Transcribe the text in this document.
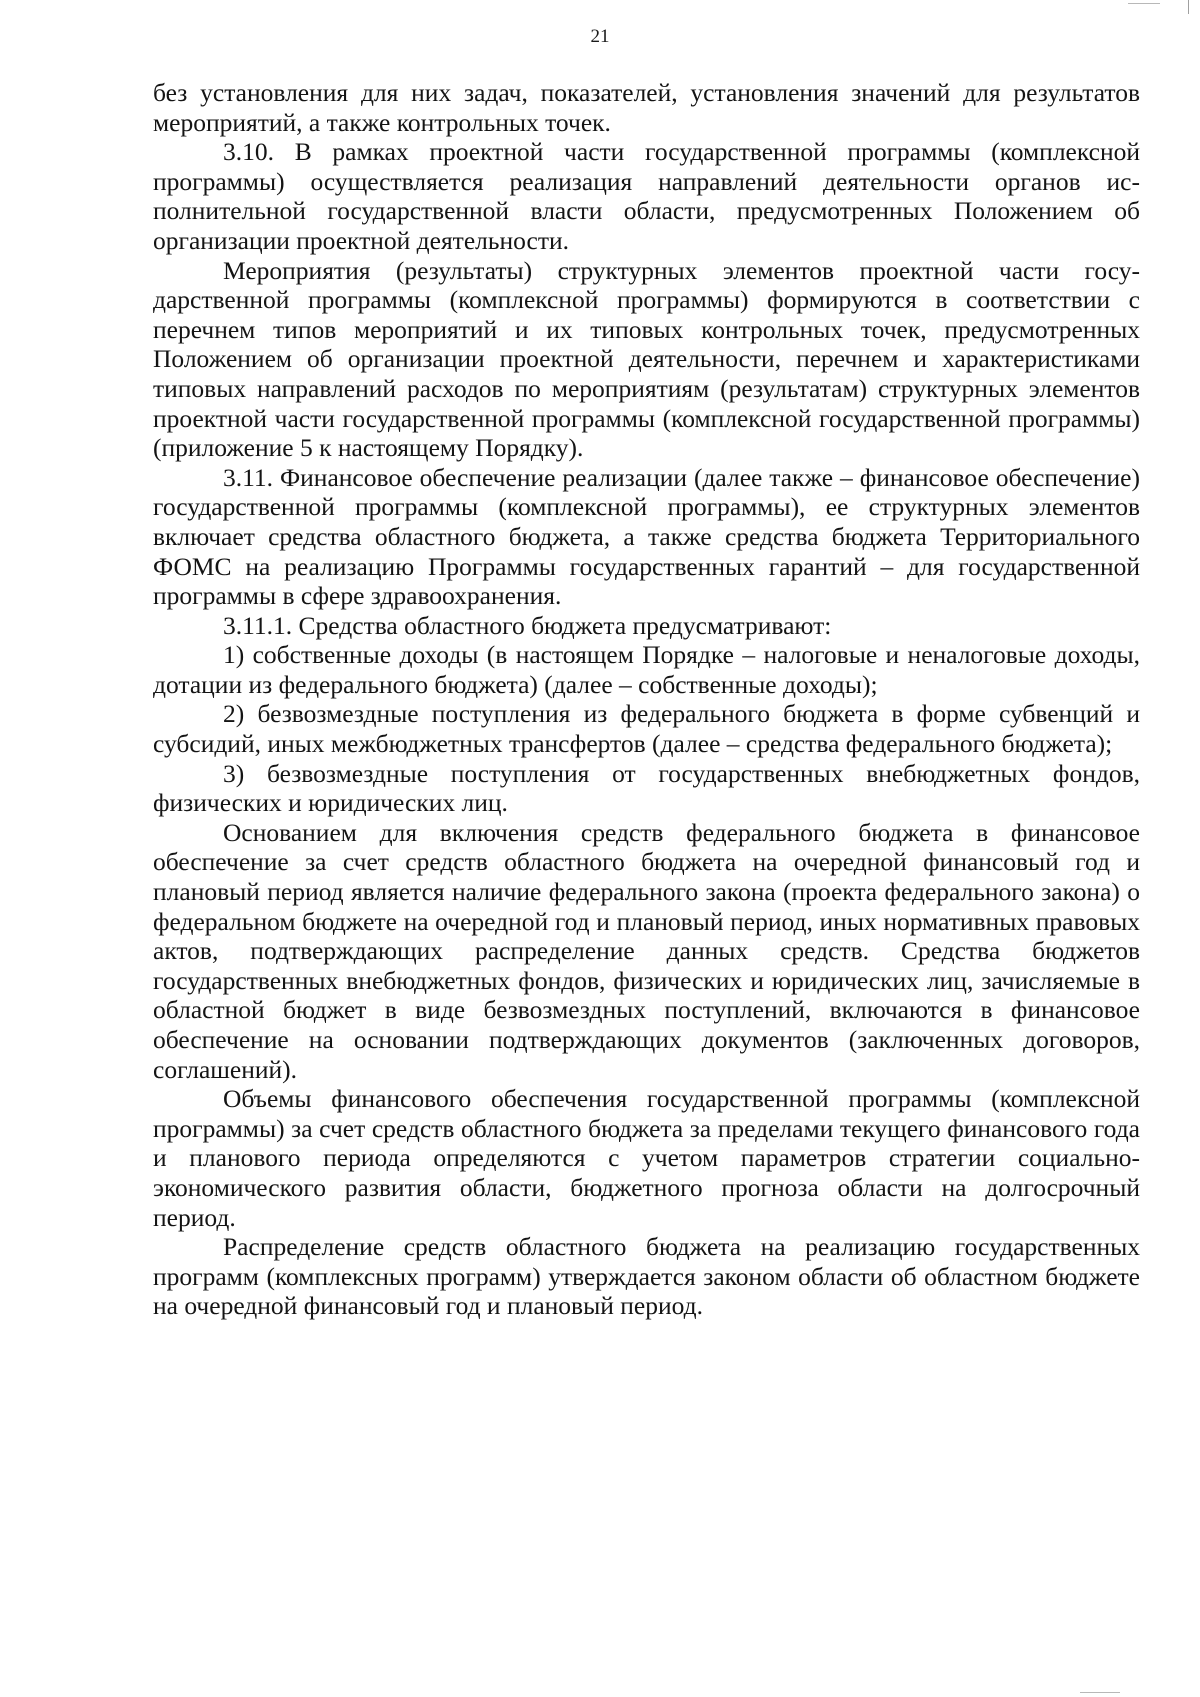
21

без установления для них задач, показателей, установления значений для результатов мероприятий, а также контрольных точек.

3.10. В рамках проектной части государственной программы (комплексной программы) осуществляется реализация направлений деятельности органов исполнительной государственной власти области, предусмотренных Положением об организации проектной деятельности.

Мероприятия (результаты) структурных элементов проектной части государственной программы (комплексной программы) формируются в соответствии с перечнем типов мероприятий и их типовых контрольных точек, предусмотренных Положением об организации проектной деятельности, перечнем и характеристиками типовых направлений расходов по мероприятиям (результатам) структурных элементов проектной части государственной программы (комплексной государственной программы) (приложение 5 к настоящему Порядку).

3.11. Финансовое обеспечение реализации (далее также – финансовое обеспечение) государственной программы (комплексной программы), ее структурных элементов включает средства областного бюджета, а также средства бюджета Территориального ФОМС на реализацию Программы государственных гарантий – для государственной программы в сфере здравоохранения.

3.11.1. Средства областного бюджета предусматривают:

1) собственные доходы (в настоящем Порядке – налоговые и неналоговые доходы, дотации из федерального бюджета) (далее – собственные доходы);

2) безвозмездные поступления из федерального бюджета в форме субвенций и субсидий, иных межбюджетных трансфертов (далее – средства федерального бюджета);

3) безвозмездные поступления от государственных внебюджетных фондов, физических и юридических лиц.

Основанием для включения средств федерального бюджета в финансовое обеспечение за счет средств областного бюджета на очередной финансовый год и плановый период является наличие федерального закона (проекта федерального закона) о федеральном бюджете на очередной год и плановый период, иных нормативных правовых актов, подтверждающих распределение данных средств. Средства бюджетов государственных внебюджетных фондов, физических и юридических лиц, зачисляемые в областной бюджет в виде безвозмездных поступлений, включаются в финансовое обеспечение на основании подтверждающих документов (заключенных договоров, соглашений).

Объемы финансового обеспечения государственной программы (комплексной программы) за счет средств областного бюджета за пределами текущего финансового года и планового периода определяются с учетом параметров стратегии социально-экономического развития области, бюджетного прогноза области на долгосрочный период.

Распределение средств областного бюджета на реализацию государственных программ (комплексных программ) утверждается законом области об областном бюджете на очередной финансовый год и плановый период.
